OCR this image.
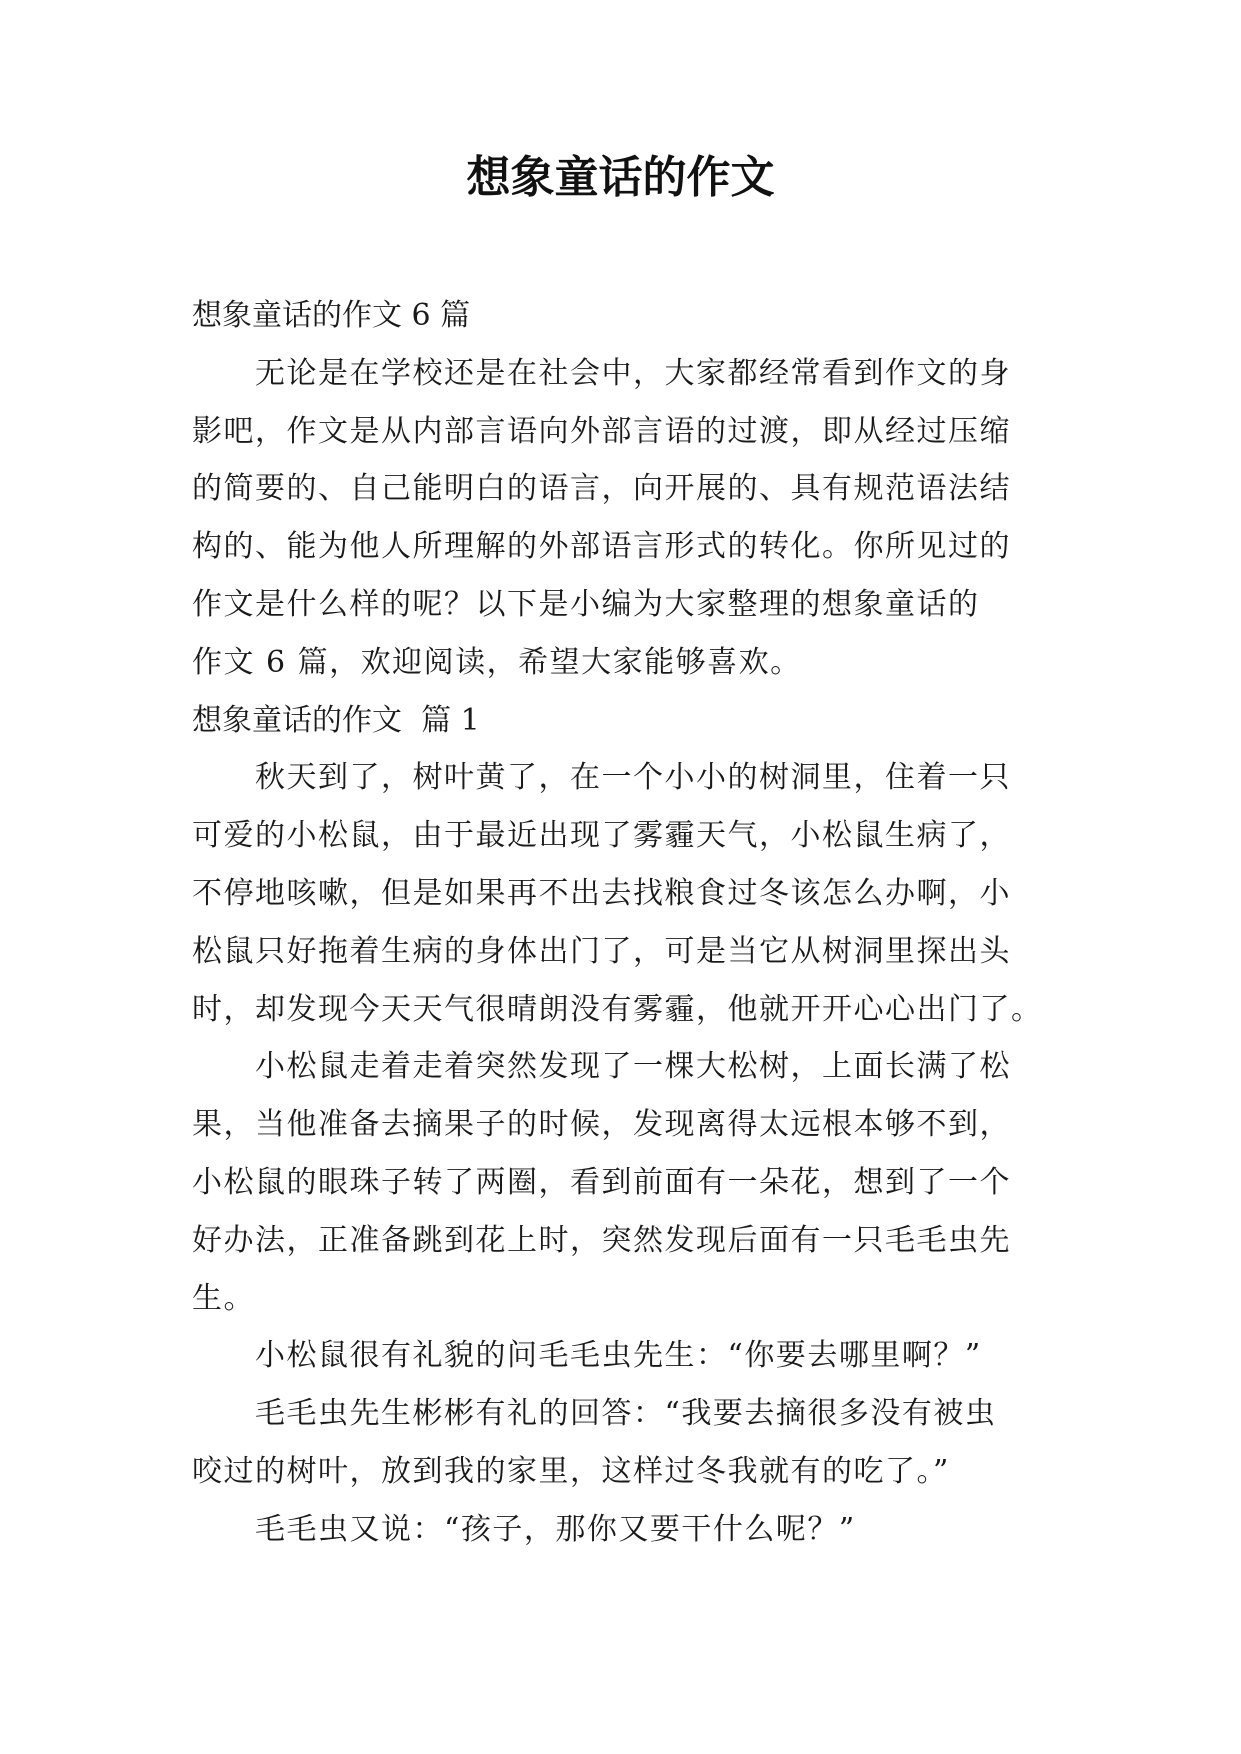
想象童话的作文

想象童话的作文 6 篇

无论是在学校还是在社会中，大家都经常看到作文的身

影吧，作文是从内部言语向外部言语的过渡，即从经过压缩

的简要的、自己能明白的语言，向开展的、具有规范语法结

构的、能为他人所理解的外部语言形式的转化。你所见过的

作文是什么样的呢？以下是小编为大家整理的想象童话的

作文 6 篇，欢迎阅读，希望大家能够喜欢。

想象童话的作文  篇 1

秋天到了，树叶黄了，在一个小小的树洞里，住着一只

可爱的小松鼠，由于最近出现了雾霾天气，小松鼠生病了，

不停地咳嗽，但是如果再不出去找粮食过冬该怎么办啊，小

松鼠只好拖着生病的身体出门了，可是当它从树洞里探出头

时，却发现今天天气很晴朗没有雾霾，他就开开心心出门了。

小松鼠走着走着突然发现了一棵大松树，上面长满了松

果，当他准备去摘果子的时候，发现离得太远根本够不到，

小松鼠的眼珠子转了两圈，看到前面有一朵花，想到了一个

好办法，正准备跳到花上时，突然发现后面有一只毛毛虫先

生。

小松鼠很有礼貌的问毛毛虫先生：“你要去哪里啊？”

毛毛虫先生彬彬有礼的回答：“我要去摘很多没有被虫

咬过的树叶，放到我的家里，这样过冬我就有的吃了。”

毛毛虫又说：“孩子，那你又要干什么呢？”
